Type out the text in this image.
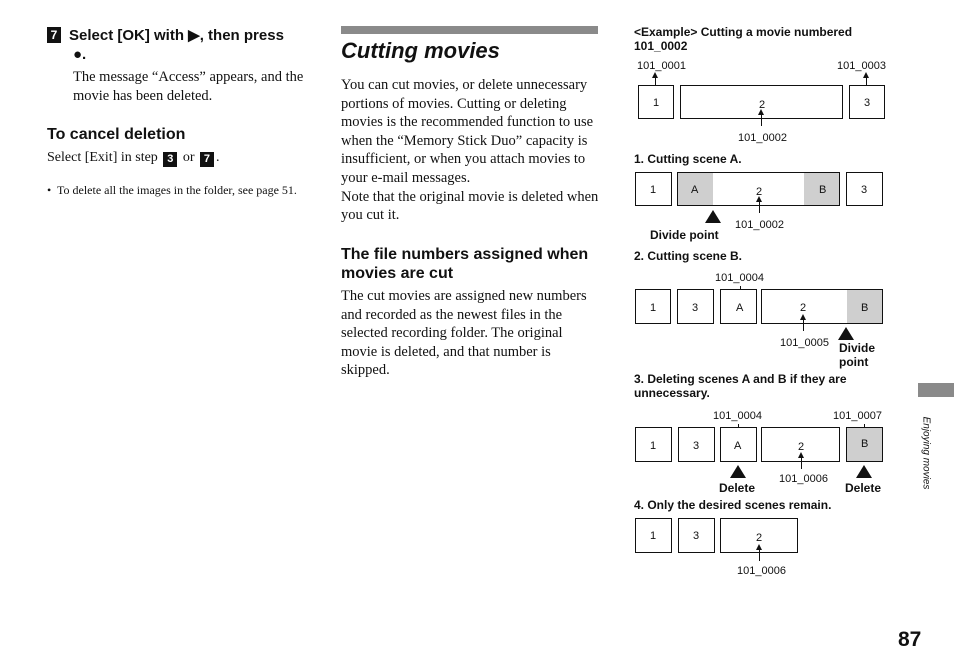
7 Select [OK] with ▶, then press
●.
The message “Access” appears, and the movie has been deleted.
To cancel deletion
Select [Exit] in step 3 or 7 .
• To delete all the images in the folder, see page 51.
Cutting movies
You can cut movies, or delete unnecessary portions of movies. Cutting or deleting movies is the recommended function to use when the “Memory Stick Duo” capacity is insufficient, or when you attach movies to your e-mail messages.
Note that the original movie is deleted when you cut it.
The file numbers assigned when movies are cut
The cut movies are assigned new numbers and recorded as the newest files in the selected recording folder. The original movie is deleted, and that number is skipped.
<Example> Cutting a movie numbered 101_0002
101_0001	101_0003
1	2	3
101_0002
1. Cutting scene A.
1	A	2	B	3
101_0002
Divide point
2. Cutting scene B.
101_0004
1	3	A	2	B
101_0005 Divide
point
3. Deleting scenes A and B if they are unnecessary.
101_0004	101_0007
1	3	A	2	B
101_0006
Delete	Delete
4. Only the desired scenes remain.
1	3	2
101_0006
Enjoying movies
87
